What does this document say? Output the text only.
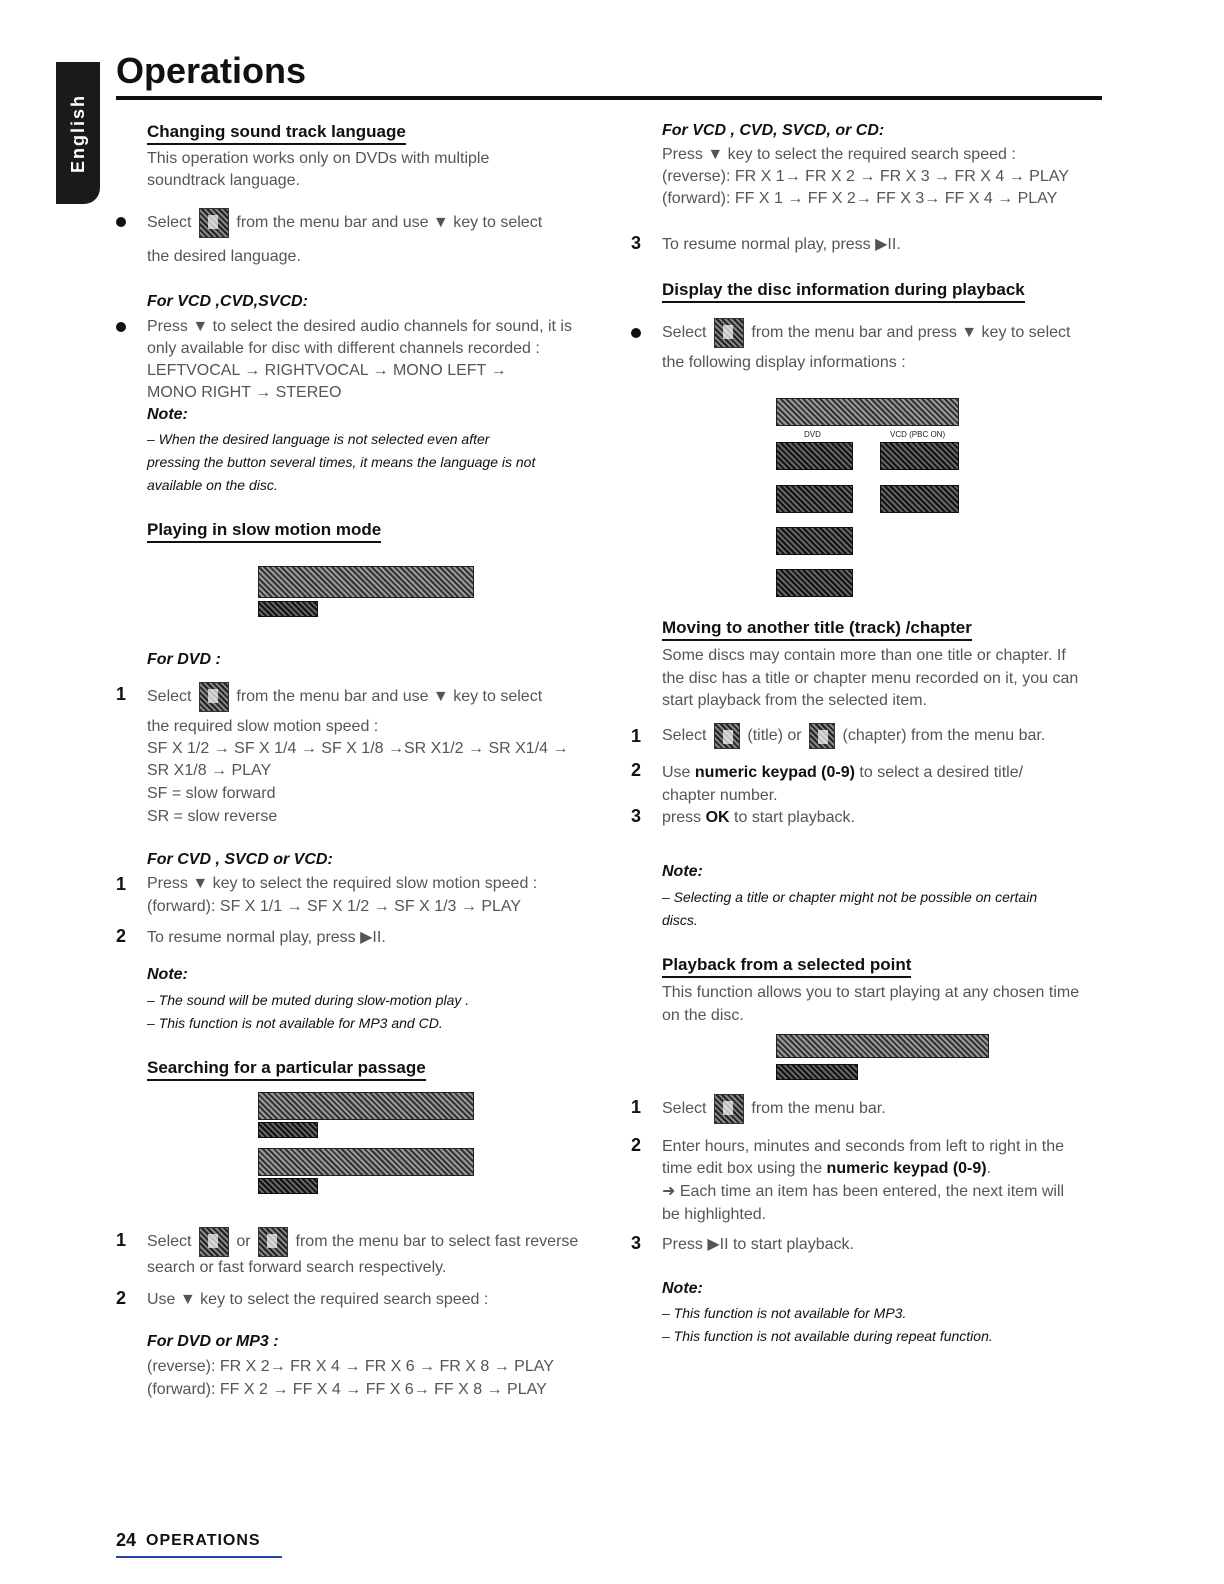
English
Operations
Changing sound track language
This operation works only on DVDs with multiple
soundtrack language.
Select	from the menu bar and use ▼ key to select
the desired language.
For VCD ,CVD,SVCD:
Press ▼ to select the desired audio channels for sound, it is
only available for disc with different channels recorded :
LEFTVOCAL → RIGHTVOCAL → MONO LEFT →
MONO RIGHT → STEREO
Note:
– When the desired language is not selected even after
pressing the button several times, it means the language is not
available on the disc.
Playing in slow motion mode
For DVD :
1 Select	from the menu bar and use ▼ key to select
the required slow motion speed :
SF X 1/2 → SF X 1/4 → SF X 1/8 →SR X1/2 → SR X1/4 →
SR X1/8 → PLAY
SF = slow forward
SR = slow reverse
For CVD , SVCD or VCD:
1 Press ▼ key to select the required slow motion speed :
(forward): SF X 1/1 → SF X 1/2 → SF X 1/3 → PLAY
2 To resume normal play, press ▶II.
Note:
– The sound will be muted during slow-motion play .
– This function is not available for MP3 and CD.
Searching for a particular passage
1 Select	or	from the menu bar to select fast reverse
search or fast forward search respectively.
2 Use ▼ key to select the required search speed :
For DVD or MP3 :
(reverse): FR X 2→ FR X 4 → FR X 6 → FR X 8 → PLAY
(forward): FF X 2 → FF X 4 → FF X 6→ FF X 8 → PLAY
For VCD , CVD, SVCD, or CD:
Press ▼ key to select the required search speed :
(reverse): FR X 1→ FR X 2 → FR X 3 → FR X 4 → PLAY
(forward): FF X 1 → FF X 2→ FF X 3→ FF X 4 → PLAY
3 To resume normal play, press ▶II.
Display the disc information during playback
Select	from the menu bar and press ▼ key to select
the following display informations :
DVD	VCD (PBC ON)
Moving to another title (track) /chapter
Some discs may contain more than one title or chapter. If
the disc has a title or chapter menu recorded on it, you can
start playback from the selected item.
1 Select	(title) or	(chapter) from the menu bar.
2 Use numeric keypad (0-9) to select a desired title/
chapter number.
3 press OK to start playback.
Note:
– Selecting a title or chapter might not be possible on certain
discs.
Playback from a selected point
This function allows you to start playing at any chosen time
on the disc.
1 Select	from the menu bar.
2 Enter hours, minutes and seconds from left to right in the
time edit box using the numeric keypad (0-9).
➜ Each time an item has been entered, the next item will
be highlighted.
3 Press ▶II to start playback.
Note:
– This function is not available for MP3.
– This function is not available during repeat function.
24 OPERATIONS
